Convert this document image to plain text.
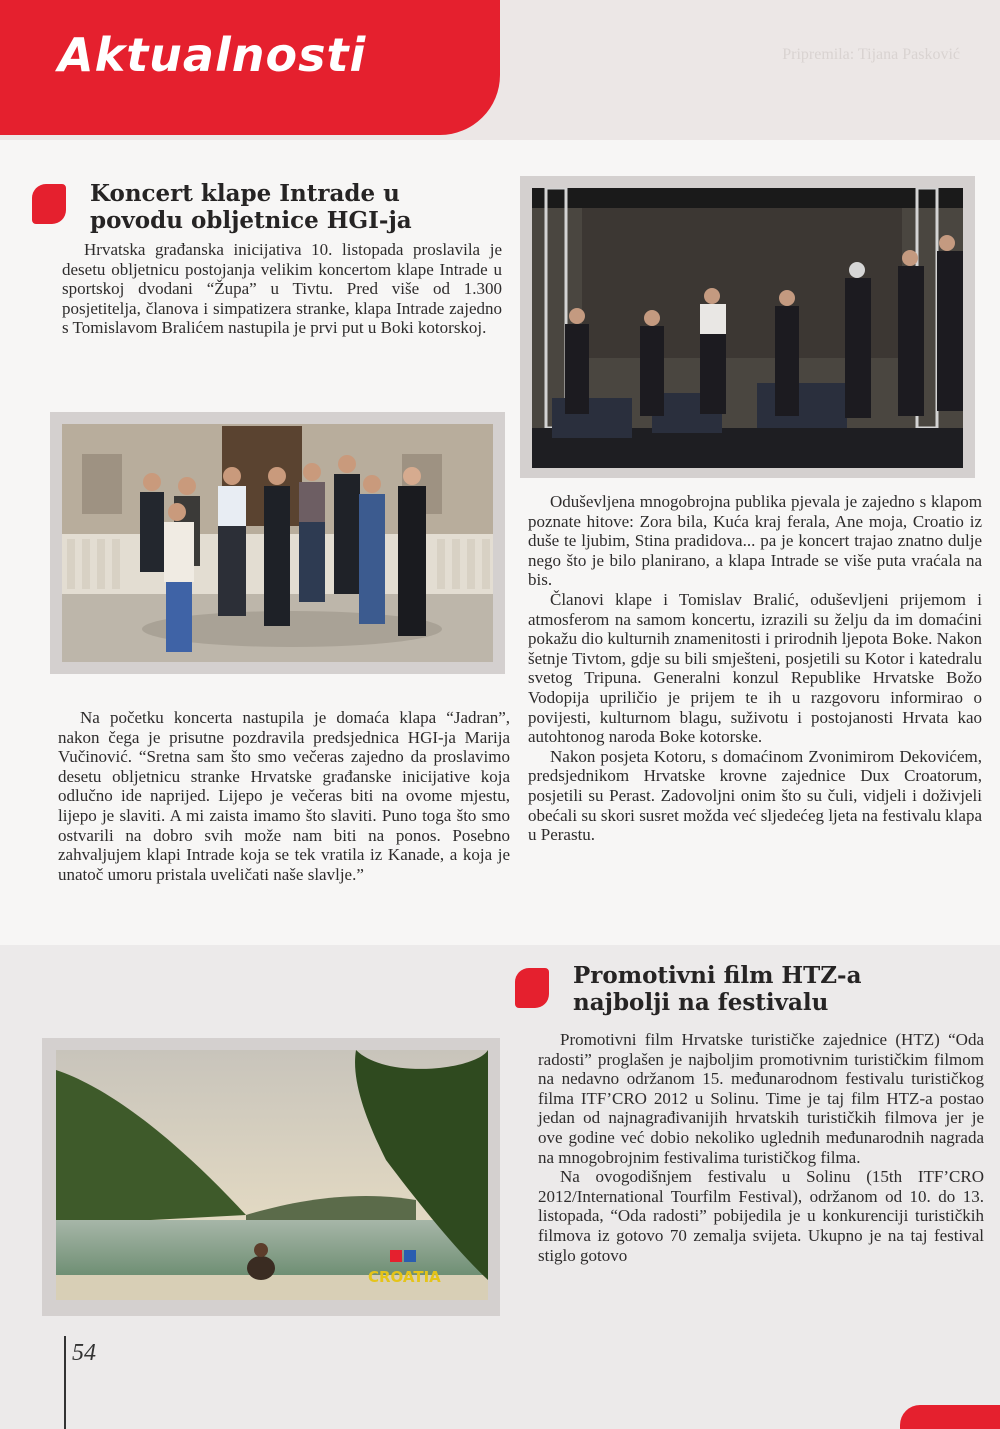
Aktualnosti	Pripremila: Tijana Pasković
Koncert klape Intrade u povodu obljetnice HGI-ja

Hrvatska građanska inicijativa 10. listopada proslavila je desetu obljetnicu postojanja velikim koncertom klape Intrade u sportskoj dvodani “Župa” u Tivtu. Pred više od 1.300 posjetitelja, članova i simpatizera stranke, klapa Intrade zajedno s Tomislavom Bralićem nastupila je prvi put u Boki kotorskoj.

Na početku koncerta nastupila je domaća klapa “Jadran”, nakon čega je prisutne pozdravila predsjednica HGI-ja Marija Vučinović. “Sretna sam što smo večeras zajedno da proslavimo desetu obljetnicu stranke Hrvatske građanske inicijative koja odlučno ide naprijed. Lijepo je večeras biti na ovome mjestu, lijepo je slaviti. A mi zaista imamo što slaviti. Puno toga što smo ostvarili na dobro svih može nam biti na ponos. Posebno zahvaljujem klapi Intrade koja se tek vratila iz Kanade, a koja je unatoč umoru pristala uveličati naše slavlje.”

Oduševljena mnogobrojna publika pjevala je zajedno s klapom poznate hitove: Zora bila, Kuća kraj ferala, Ane moja, Croatio iz duše te ljubim, Stina pradidova... pa je koncert trajao znatno dulje nego što je bilo planirano, a klapa Intrade se više puta vraćala na bis.

Članovi klape i Tomislav Bralić, oduševljeni prijemom i atmosferom na samom koncertu, izrazili su želju da im domaćini pokažu dio kulturnih znamenitosti i prirodnih ljepota Boke. Nakon šetnje Tivtom, gdje su bili smješteni, posjetili su Kotor i katedralu svetog Tripuna. Generalni konzul Republike Hrvatske Božo Vodopija upriličio je prijem te ih u razgovoru informirao o povijesti, kulturnom blagu, suživotu i postojanosti Hrvata kao autohtonog naroda Boke kotorske.

Nakon posjeta Kotoru, s domaćinom Zvonimirom Dekovićem, predsjednikom Hrvatske krovne zajednice Dux Croatorum, posjetili su Perast. Zadovoljni onim što su čuli, vidjeli i doživjeli obećali su skori susret možda već sljedećeg ljeta na festivalu klapa u Perastu.

Promotivni film HTZ-a najbolji na festivalu
CROATIA

Promotivni film Hrvatske turističke zajednice (HTZ) “Oda radosti” proglašen je najboljim promotivnim turističkim filmom na nedavno održanom 15. međunarodnom festivalu turističkog filma ITF’CRO 2012 u Solinu. Time je taj film HTZ-a postao jedan od najnagrađivanijih hrvatskih turističkih filmova jer je ove godine već dobio nekoliko uglednih međunarodnih nagrada na mnogobrojnim festivalima turističkog filma.

Na ovogodišnjem festivalu u Solinu (15th ITF’CRO 2012/International Tourfilm Festival), održanom od 10. do 13. listopada, “Oda radosti” pobijedila je u konkurenciji turističkih filmova iz gotovo 70 zemalja svijeta. Ukupno je na taj festival stiglo gotovo

54
